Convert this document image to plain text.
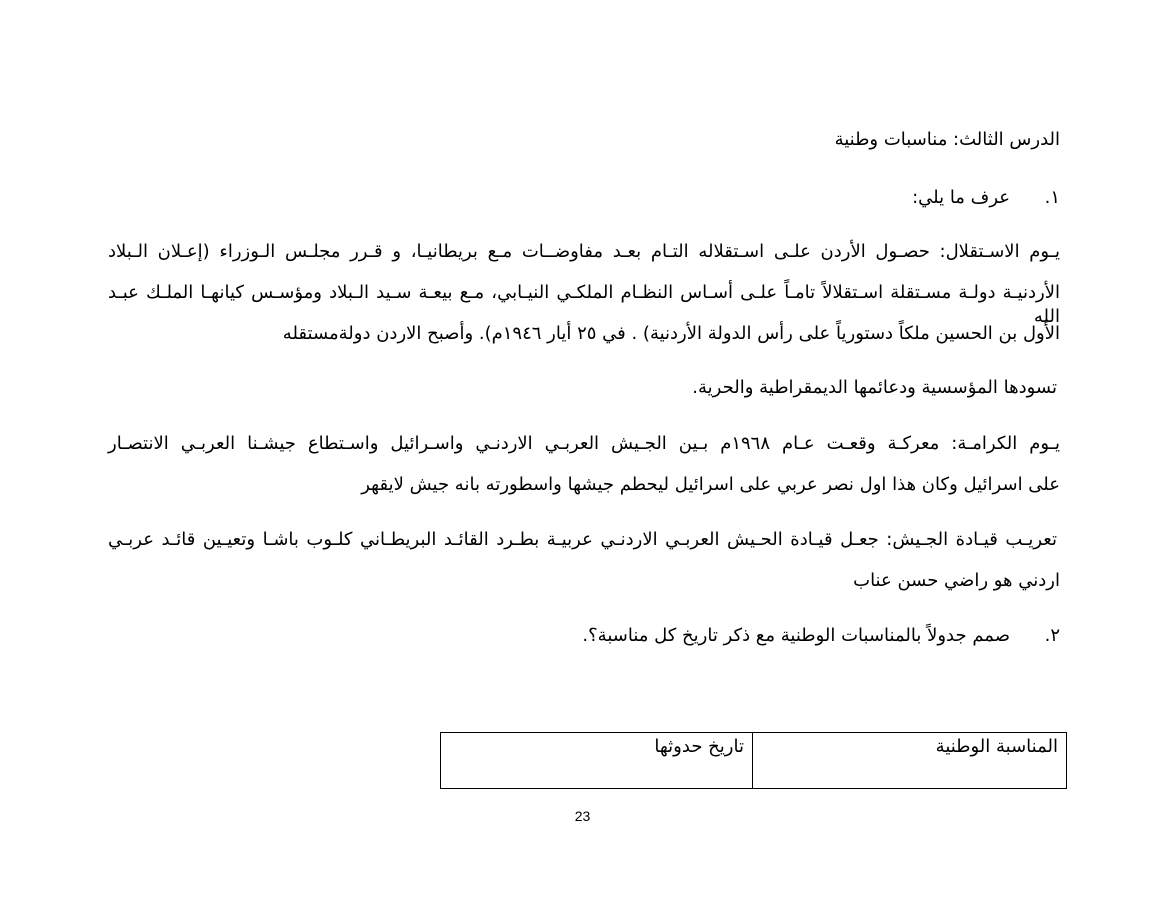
الدرس الثالث: مناسبات وطنية
١.
عرف ما يلي:
يـوم الاسـتقلال: حصـول الأردن علـى اسـتقلاله التـام بعـد مفاوضــات مـع بريطانيـا، و قـرر مجلـس الـوزراء (إعـلان الـبلاد
الأردنيـة دولـة مسـتقلة اسـتقلالاً تامـاً علـى أسـاس النظـام الملكـي النيـابي، مـع بيعـة سـيد الـبلاد ومؤسـس كيانهـا الملـك عبـد الله
الأول بن الحسين ملكاً دستورياً على رأس الدولة الأردنية) . في ٢٥ أيار ١٩٤٦م). وأصبح الاردن دولةمستقله
تسودها المؤسسية ودعائمها الديمقراطية والحرية.
يـوم الكرامـة: معركـة وقعـت عـام ١٩٦٨م بـين الجـيش العربـي الاردنـي واسـرائيل واسـتطاع جيشـنا العربـي الانتصـار
على اسرائيل وكان هذا اول نصر عربي على اسرائيل ليحطم جيشها واسطورته بانه جيش لايقهر
تعريـب قيـادة الجـيش: جعـل قيـادة الحـيش العربـي الاردنـي عربيـة بطـرد القائـد البريطـاني كلـوب باشـا وتعيـين قائـد عربـي
اردني هو راضي حسن عناب
٢.
صمم جدولاً بالمناسبات الوطنية مع ذكر تاريخ كل مناسبة؟.
المناسبة الوطنية	تاريخ حدوثها
23
